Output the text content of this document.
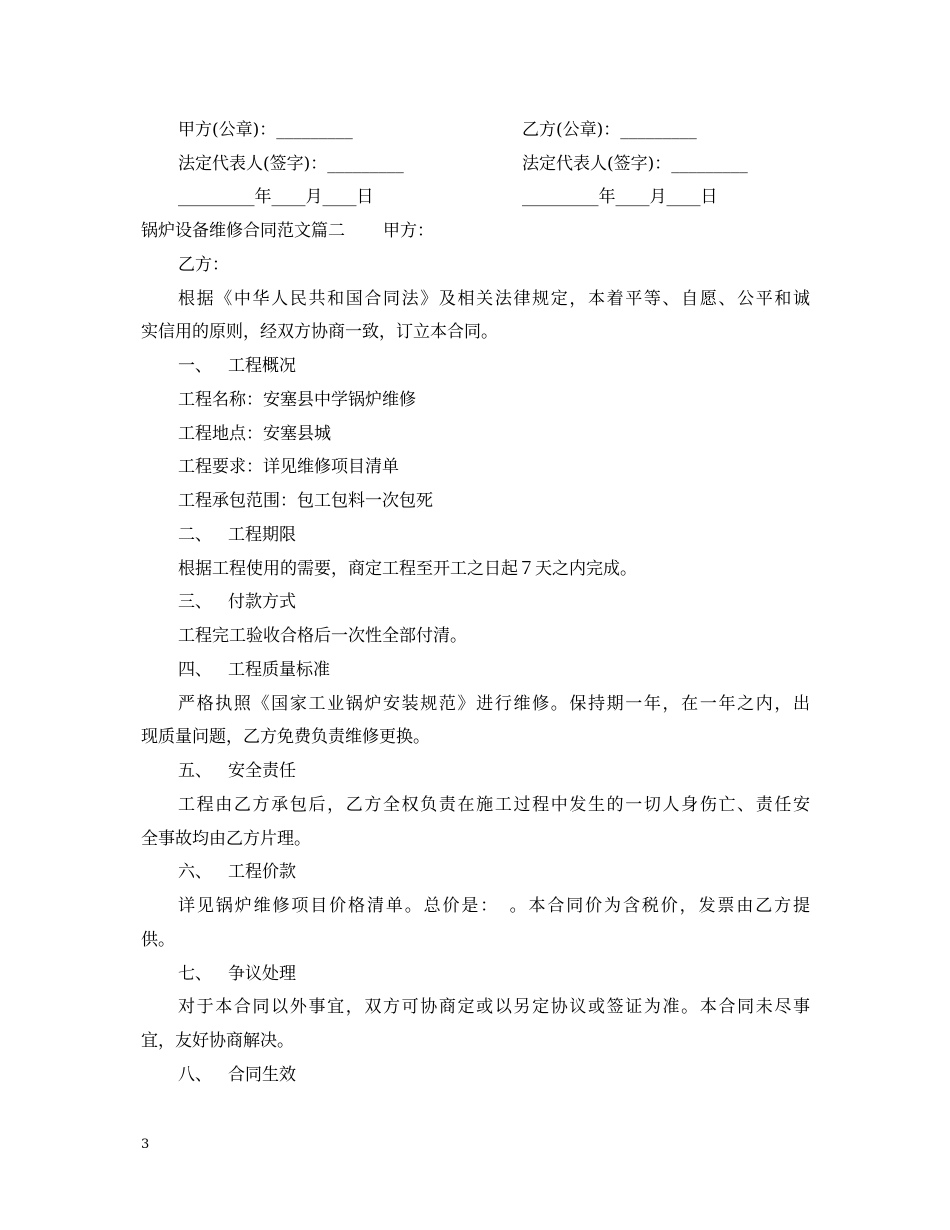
甲方(公章)：_________	乙方(公章)：_________
法定代表人(签字)：_________	法定代表人(签字)：_________
_________年____月____日	_________年____月____日
锅炉设备维修合同范文篇二 甲方：
乙方：
根据《中华人民共和国合同法》及相关法律规定，本着平等、自愿、公平和诚
实信用的原则，经双方协商一致，订立本合同。
一、 工程概况
工程名称：安塞县中学锅炉维修
工程地点：安塞县城
工程要求：详见维修项目清单
工程承包范围：包工包料一次包死
二、 工程期限
根据工程使用的需要，商定工程至开工之日起７天之内完成。
三、 付款方式
工程完工验收合格后一次性全部付清。
四、 工程质量标准
严格执照《国家工业锅炉安装规范》进行维修。保持期一年，在一年之内，出
现质量问题，乙方免费负责维修更换。
五、 安全责任
工程由乙方承包后，乙方全权负责在施工过程中发生的一切人身伤亡、责任安
全事故均由乙方片理。
六、 工程价款
详见锅炉维修项目价格清单。总价是：　。本合同价为含税价，发票由乙方提
供。
七、 争议处理
对于本合同以外事宜，双方可协商定或以另定协议或签证为准。本合同未尽事
宜，友好协商解决。
八、 合同生效
3
